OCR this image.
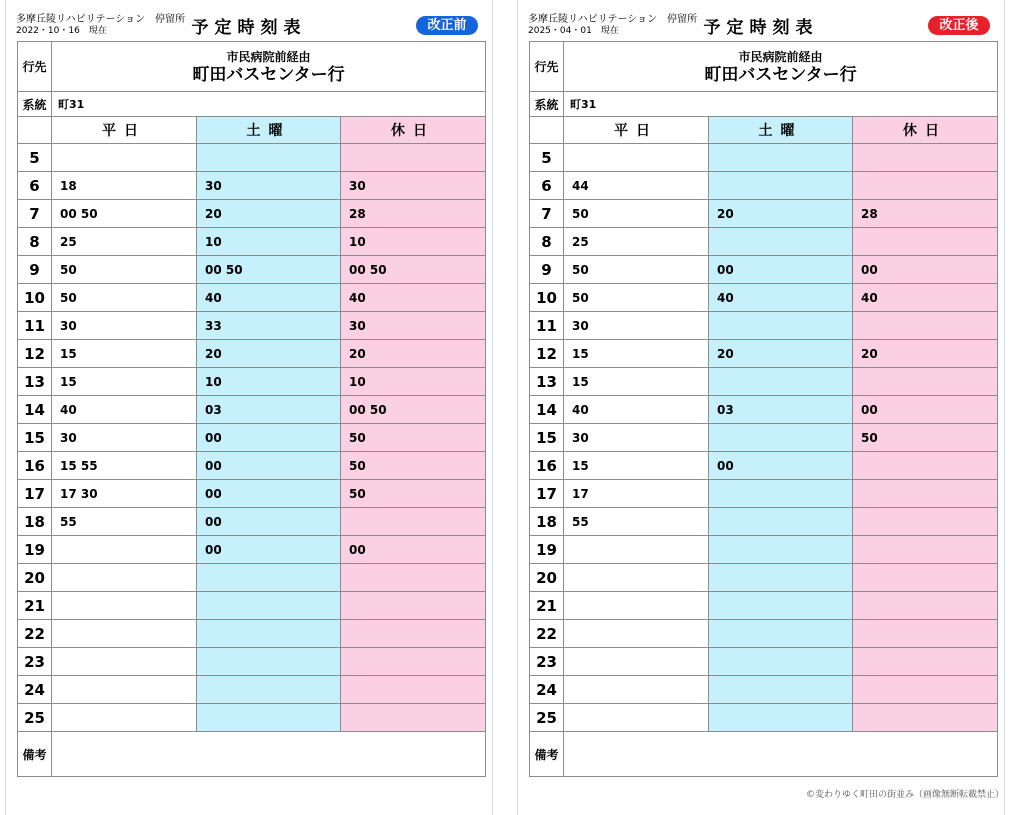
多摩丘陵リハビリテーション　停留所
2022・10・16　現在	予定時刻表	改正前
行先	市民病院前経由
町田バスセンター行		

系統	町31		
	平日	土曜	休日
5			
6	18	30	30
7	00 50	20	28
8	25	10	10
9	50	00 50	00 50
10	50	40	40
11	30	33	30
12	15	20	20
13	15	10	10
14	40	03	00 50
15	30	00	50
16	15 55	00	50
17	17 30	00	50
18	55	00	
19		00	00
20			
21			
22			
23			
24			
25			
備考			
多摩丘陵リハビリテーション　停留所
2025・04・01　現在	予定時刻表	改正後
行先	市民病院前経由
町田バスセンター行		

系統	町31		
	平日	土曜	休日
5			
6	44		
7	50	20	28
8	25		
9	50	00	00
10	50	40	40
11	30		
12	15	20	20
13	15		
14	40	03	00
15	30		50
16	15	00	
17	17		
18	55		
19			
20			
21			
22			
23			
24			
25			
備考			
©変わりゆく町田の街並み（画像無断転載禁止）
